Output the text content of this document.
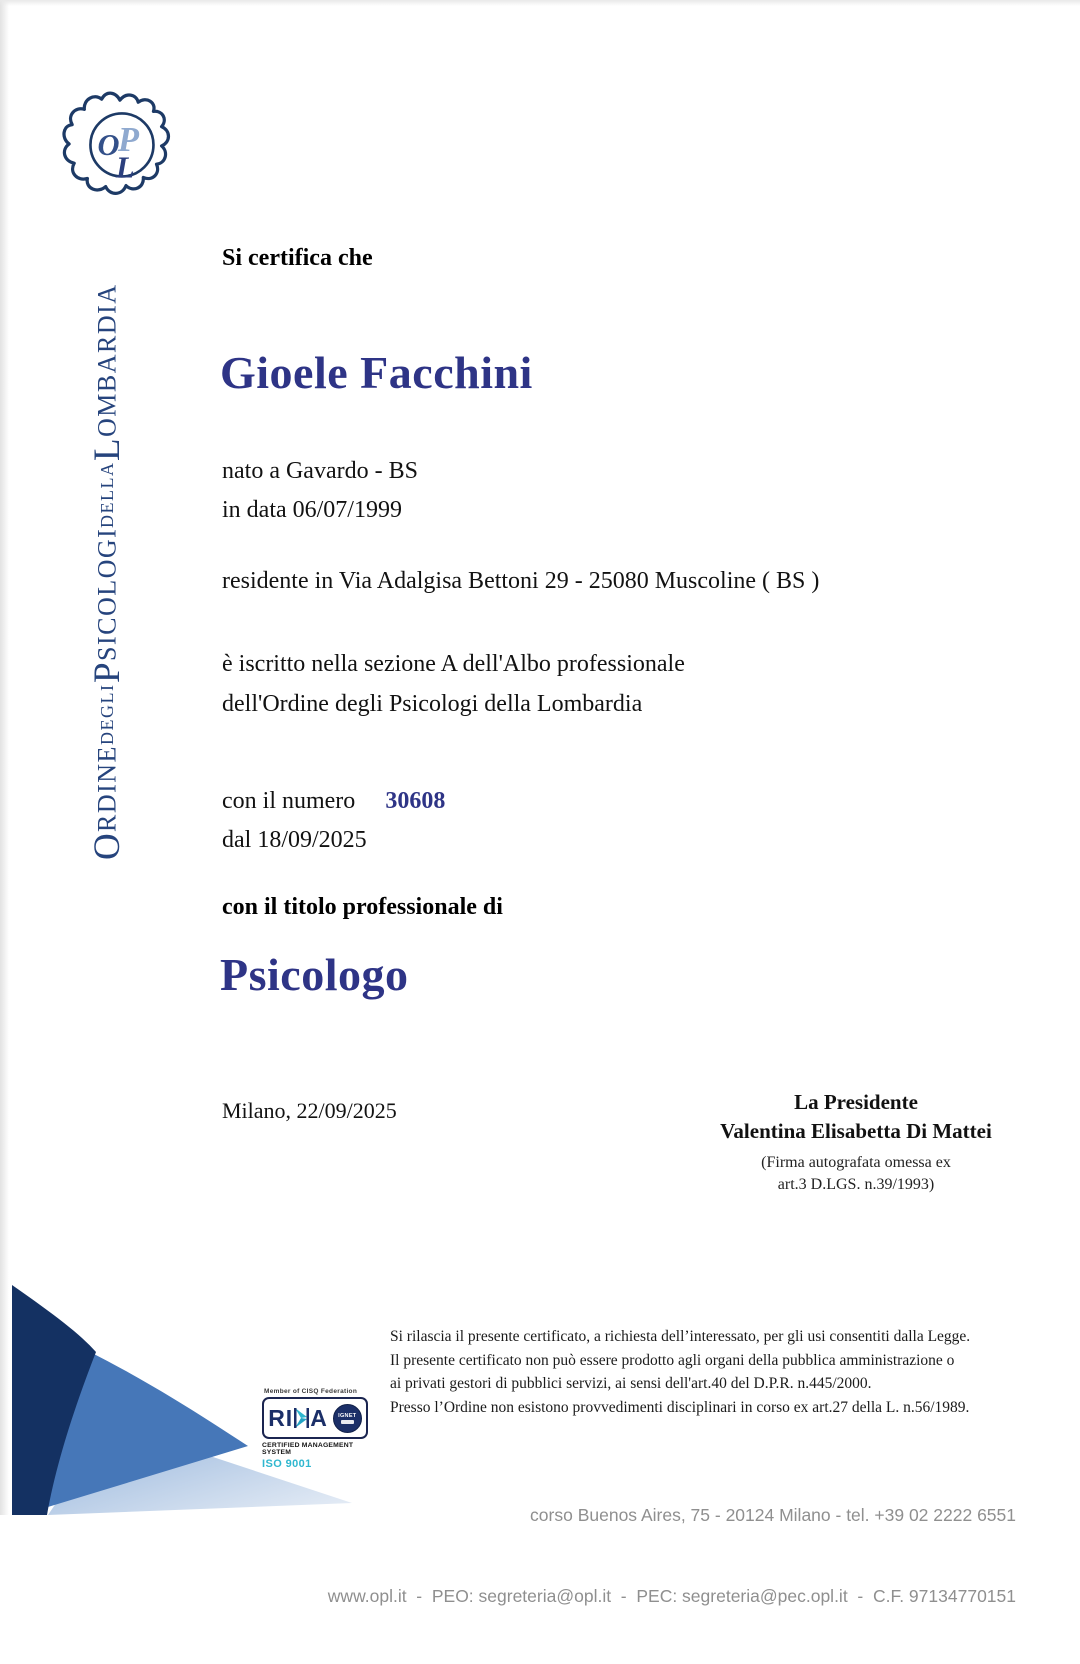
O
P
L
O
RDINE
DEGLI
P
SICOLOGI
DELLA
L
OMBARDIA
Si certifica che
Gioele Facchini
nato a Gavardo - BS
in data 06/07/1999
residente in Via Adalgisa Bettoni 29 - 25080 Muscoline ( BS )
è iscritto nella sezione A dell'Albo professionale
dell'Ordine degli Psicologi della Lombardia
con il numero 30608
dal 18/09/2025
con il titolo professionale di
Psicologo
Milano, 22/09/2025	La Presidente
Valentina Elisabetta Di Mattei
(Firma autografata omessa ex
art.3 D.LGS. n.39/1993)
Si rilascia il presente certificato, a richiesta dell’interessato, per gli usi consentiti dalla Legge.
Il presente certificato non può essere prodotto agli organi della pubblica amministrazione o
ai privati gestori di pubblici servizi, ai sensi dell'art.40 del D.P.R. n.445/2000.
Presso l’Ordine non esistono provvedimenti disciplinari in corso ex art.27 della L. n.56/1989.
Member of CISQ Federation
RI A IGNET
CERTIFIED MANAGEMENT SYSTEM
ISO 9001

corso Buenos Aires, 75 - 20124 Milano - tel. +39 02 2222 6551

www.opl.it  -  PEO: segreteria@opl.it  -  PEC: segreteria@pec.opl.it  -  C.F. 97134770151
